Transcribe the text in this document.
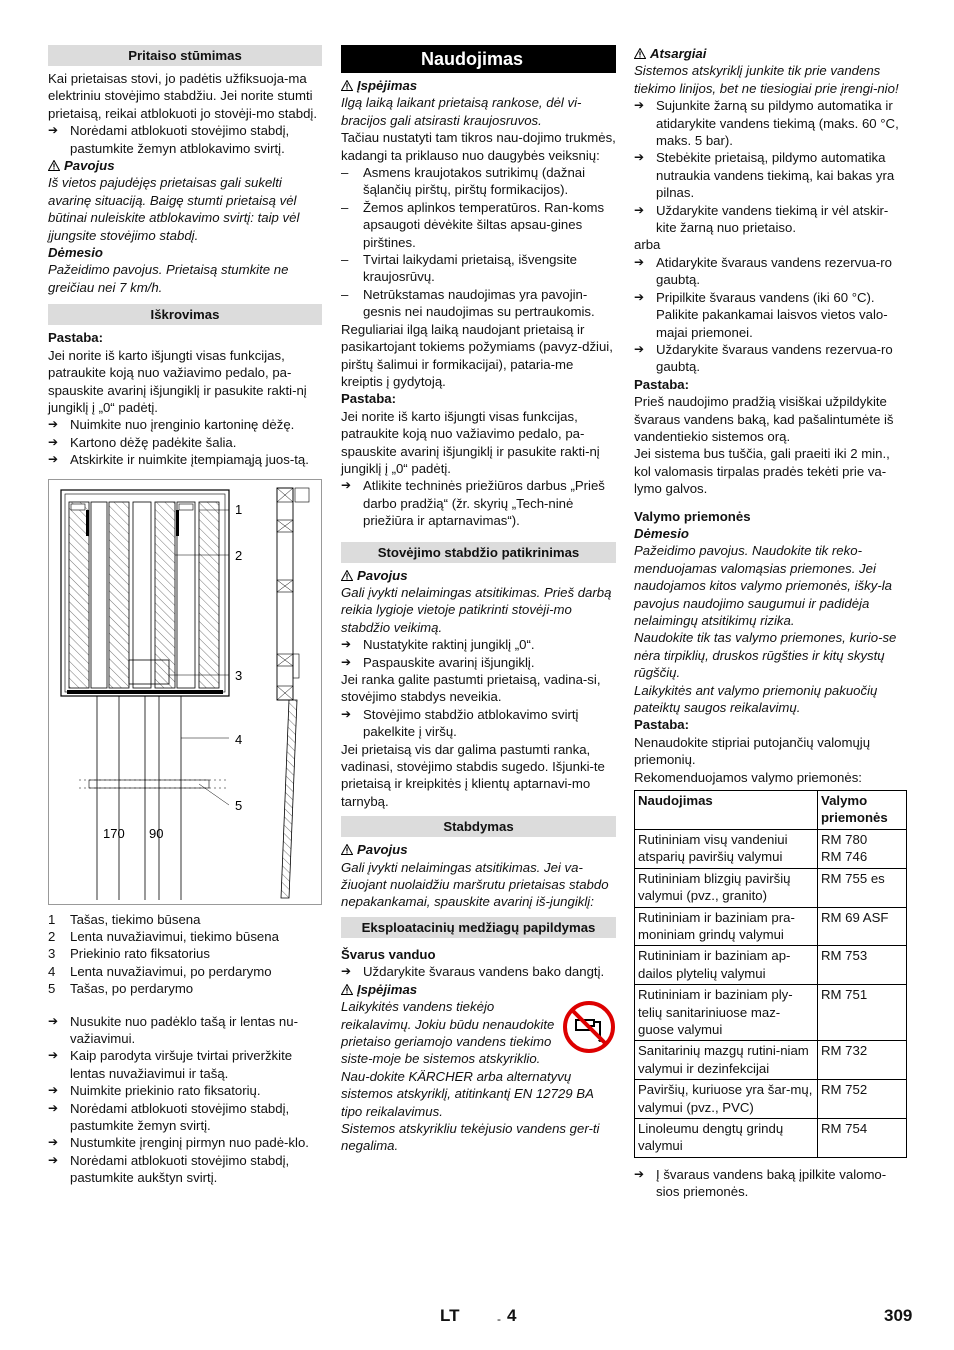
Pritaiso stūmimas

Kai prietaisas stovi, jo padėtis užfiksuoja-ma elektriniu stovėjimo stabdžiu. Jei norite stumti prietaisą, reikai atblokuoti jo stovėji-mo stabdį.

➔ Norėdami atblokuoti stovėjimo stabdį, pastumkite žemyn atblokavimo svirtį.

Pavojus

Iš vietos pajudėjęs prietaisas gali sukelti avarinę situaciją. Baigę stumti prietaisą vėl būtinai nuleiskite atblokavimo svirtį: taip vėl įjungsite stovėjimo stabdį.

Dėmesio

Pažeidimo pavojus. Prietaisą stumkite ne greičiau nei 7 km/h.

Iškrovimas

Pastaba:

Jei norite iš karto išjungti visas funkcijas, patraukite koją nuo važiavimo pedalo, pa-spauskite avarinį išjungiklį ir pasukite rakti-nį jungiklį į „0“ padėtį.

➔ Nuimkite nuo įrenginio kartoninę dėžę.

➔ Kartono dėžę padėkite šalia.

➔ Atskirkite ir nuimkite įtempiamąją juos-tą.

1
2
3
4
5
170 90
1	Tašas, tiekimo būsena
2	Lenta nuvažiavimui, tiekimo būsena
3	Priekinio rato fiksatorius
4	Lenta nuvažiavimui, po perdarymo
5	Tašas, po perdarymo

➔ Nusukite nuo padėklo tašą ir lentas nu-važiavimui.

➔ Kaip parodyta viršuje tvirtai priveržkite lentas nuvažiavimui ir tašą.

➔ Nuimkite priekinio rato fiksatorių.

➔ Norėdami atblokuoti stovėjimo stabdį, pastumkite žemyn svirtį.

➔ Nustumkite įrenginį pirmyn nuo padė-klo.

➔ Norėdami atblokuoti stovėjimo stabdį, pastumkite aukštyn svirtį.

Naudojimas

Įspėjimas

Ilgą laiką laikant prietaisą rankose, dėl vi-bracijos gali atsirasti kraujosruvos.

Tačiau nustatyti tam tikros nau-dojimo trukmės, kadangi ta priklauso nuo daugybės veiksnių:

– Asmens kraujotakos sutrikimų (dažnai šąlančių pirštų, pirštų formikacijos).

– Žemos aplinkos temperatūros. Ran-koms apsaugoti dėvėkite šiltas apsau-gines pirštines.

– Tvirtai laikydami prietaisą, išvengsite kraujosrūvų.

– Netrūkstamas naudojimas yra pavojin-gesnis nei naudojimas su pertraukomis.

Reguliariai ilgą laiką naudojant prietaisą ir pasikartojant tokiems požymiams (pavyz-džiui, pirštų šalimui ir formikacijai), pataria-me kreiptis į gydytoją.

Pastaba:

Jei norite iš karto išjungti visas funkcijas, patraukite koją nuo važiavimo pedalo, pa-spauskite avarinį išjungiklį ir pasukite rakti-nį jungiklį į „0“ padėtį.

➔ Atlikite techninės priežiūros darbus „Prieš darbo pradžią“ (žr. skyrių „Tech-ninė priežiūra ir aptarnavimas“).

Stovėjimo stabdžio patikrinimas

Pavojus

Gali įvykti nelaimingas atsitikimas. Prieš darbą reikia lygioje vietoje patikrinti stovėji-mo stabdžio veikimą.

➔ Nustatykite raktinį jungiklį „0“.

➔ Paspauskite avarinį išjungiklį.

Jei ranka galite pastumti prietaisą, vadina-si, stovėjimo stabdys neveikia.

➔ Stovėjimo stabdžio atblokavimo svirtį pakelkite į viršų.

Jei prietaisą vis dar galima pastumti ranka, vadinasi, stovėjimo stabdis sugedo. Išjunki-te prietaisą ir kreipkitės į klientų aptarnavi-mo tarnybą.

Stabdymas

Pavojus

Gali įvykti nelaimingas atsitikimas. Jei va-žiuojant nuolaidžiu maršrutu prietaisas stabdo nepakankamai, spauskite avarinį iš-jungiklį:

Eksploatacinių medžiagų papildymas

Švarus vanduo

➔ Uždarykite švaraus vandens bako dangtį.

Įspėjimas

Laikykitės vandens tiekėjo reikalavimų. Jokiu būdu nenaudokite prietaiso geriamojo vandens tiekimo siste-moje be sistemos atskyriklio. Nau-dokite KÄRCHER arba alternatyvų sistemos atskyriklį, atitinkantį EN 12729 BA tipo reikalavimus.

Sistemos atskyrikliu tekėjusio vandens ger-ti negalima.

Atsargiai

Sistemos atskyriklį junkite tik prie vandens tiekimo linijos, bet ne tiesiogiai prie įrengi-nio!

➔ Sujunkite žarną su pildymo automatika ir atidarykite vandens tiekimą (maks. 60 °C, maks. 5 bar).

➔ Stebėkite prietaisą, pildymo automatika nutraukia vandens tiekimą, kai bakas yra pilnas.

➔ Uždarykite vandens tiekimą ir vėl atskir-kite žarną nuo prietaiso.

arba

➔ Atidarykite švaraus vandens rezervua-ro gaubtą.

➔ Pripilkite švaraus vandens (iki 60 °C). Palikite pakankamai laisvos vietos valo-majai priemonei.

➔ Uždarykite švaraus vandens rezervua-ro gaubtą.

Pastaba:

Prieš naudojimo pradžią visiškai užpildykite švaraus vandens baką, kad pašalintumėte iš vandentiekio sistemos orą.

Jei sistema bus tuščia, gali praeiti iki 2 min., kol valomasis tirpalas pradės tekėti prie va-lymo galvos.

Valymo priemonės

Dėmesio

Pažeidimo pavojus. Naudokite tik reko-menduojamas valomąsias priemones. Jei naudojamos kitos valymo priemonės, išky-la pavojus naudojimo saugumui ir padidėja nelaimingų atsitikimų rizika.

Naudokite tik tas valymo priemones, kurio-se nėra tirpiklių, druskos rūgšties ir kitų skystų rūgščių.

Laikykitės ant valymo priemonių pakuočių pateiktų saugos reikalavimų.

Pastaba:

Nenaudokite stipriai putojančių valomųjų priemonių.

Rekomenduojamos valymo priemonės:

Naudojimas	Valymo priemonės
Rutininiam visų vandeniui atsparių paviršių valymui	RM 780
RM 746
Rutininiam blizgių paviršių valymui (pvz., granito)	RM 755 es
Rutininiam ir baziniam pra-moniniam grindų valymui	RM 69 ASF
Rutininiam ir baziniam ap-dailos plytelių valymui	RM 753
Rutininiam ir baziniam ply-telių sanitariniuose maz-guose valymui	RM 751
Sanitarinių mazgų rutini-niam valymui ir dezinfekcijai	RM 732
Paviršių, kuriuose yra šar-mų, valymui (pvz., PVC)	RM 752
Linoleumu dengtų grindų valymui	RM 754

➔ Į švaraus vandens baką įpilkite valomo-sios priemonės.

LT	- 4	309
